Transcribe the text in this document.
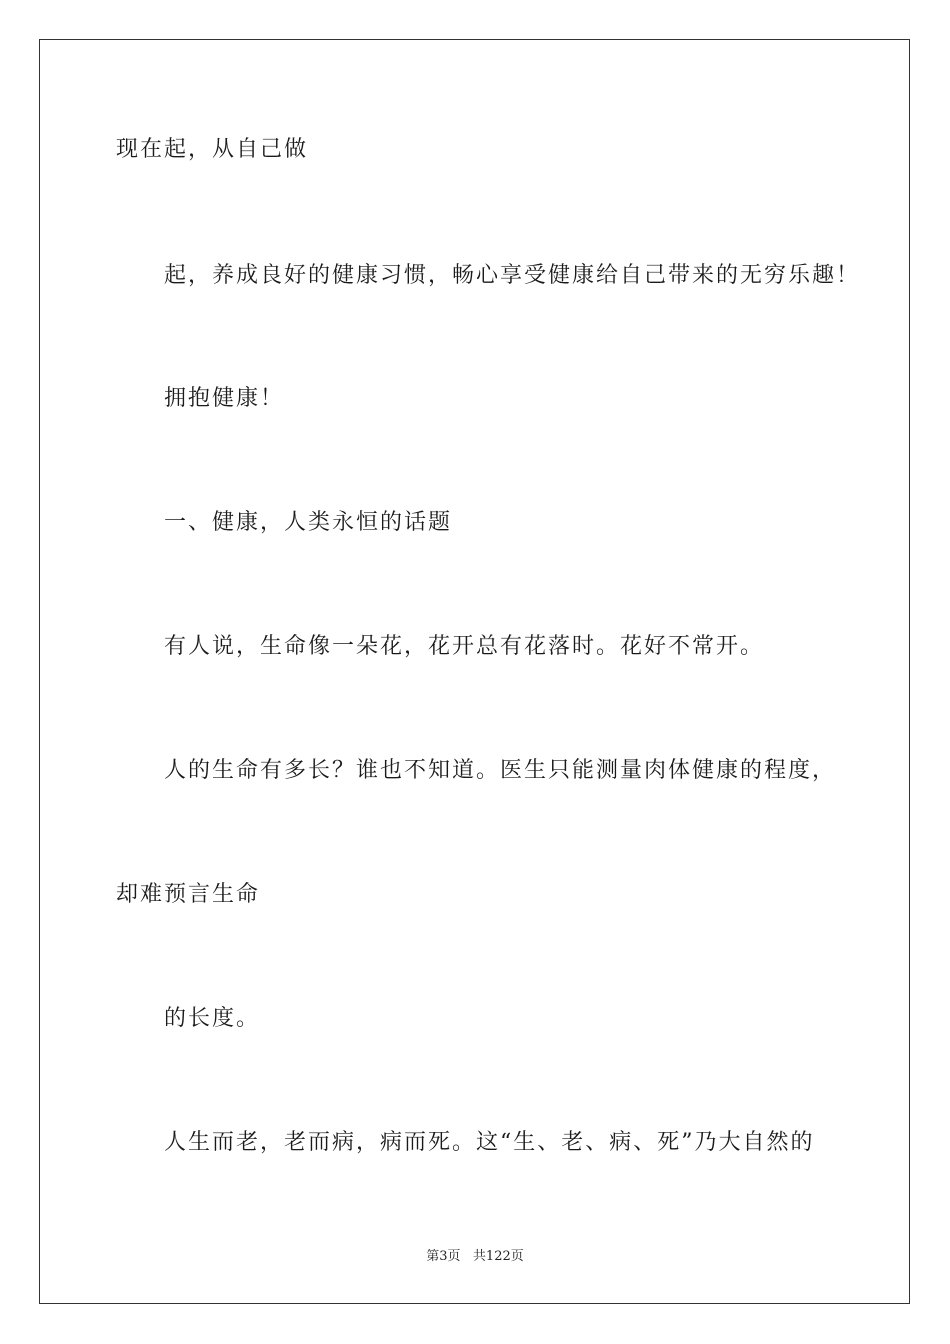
现在起，从自己做
起，养成良好的健康习惯，畅心享受健康给自己带来的无穷乐趣！
拥抱健康！
一、健康，人类永恒的话题
有人说，生命像一朵花，花开总有花落时。花好不常开。
人的生命有多长？谁也不知道。医生只能测量肉体健康的程度，
却难预言生命
的长度。
人生而老，老而病，病而死。这“生、老、病、死”乃大自然的
第3页   共122页
